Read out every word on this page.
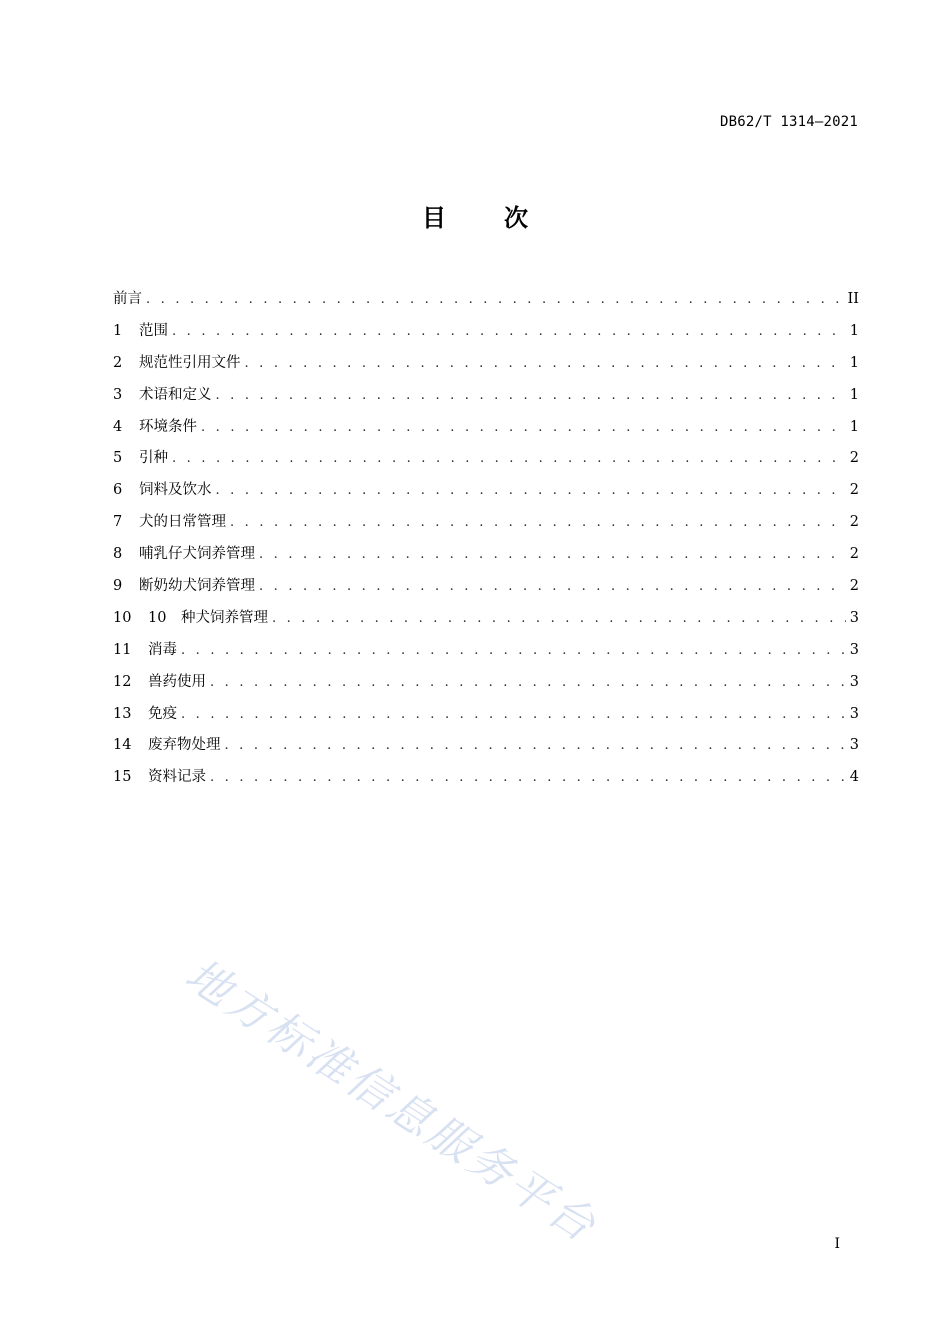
DB62/T 1314—2021
目 次
前言 . . .	II
1	范围 . . .	1
2	规范性引用文件 . . .	1
3	术语和定义 . . .	1
4	环境条件 . . .	1
5	引种 . . .	2
6	饲料及饮水 . . .	2
7	犬的日常管理 . . .	2
8	哺乳仔犬饲养管理 . . .	2
9	断奶幼犬饲养管理 . . .	2
10	10　种犬饲养管理 . . .	3
11	消毒 . . .	3
12	兽药使用 . . .	3
13	免疫 . . .	3
14	废弃物处理 . . .	3
15	资料记录 . . .	4
地方标准信息服务平台	I
